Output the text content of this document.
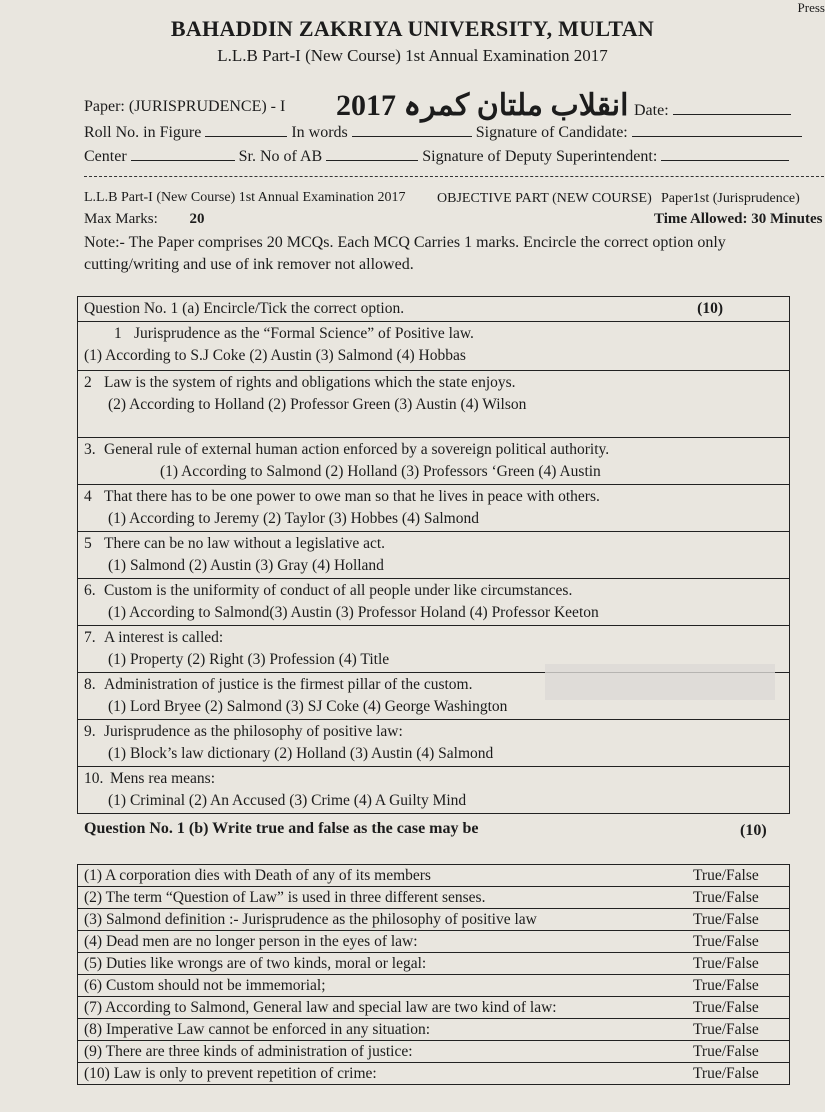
Press
BAHADDIN ZAKRIYA UNIVERSITY, MULTAN
L.L.B Part-I (New Course) 1st Annual Examination 2017
انقلاب ملتان کمرہ 2017
Paper: (JURISPRUDENCE) - I	Date:
Roll No. in Figure	In words	Signature of Candidate:
Center	Sr. No of AB	Signature of Deputy Superintendent:
L.L.B Part-I (New Course) 1st Annual Examination 2017 OBJECTIVE PART (NEW COURSE) Paper1st (Jurisprudence)
Max Marks: 20	Time Allowed: 30 Minutes
Note:- The Paper comprises 20 MCQs. Each MCQ Carries 1 marks. Encircle the correct option only cutting/writing and use of ink remover not allowed.
Question No. 1 (a) Encircle/Tick the correct option.	(10)

1 Jurisprudence as the “Formal Science” of Positive law.
(1) According to S.J Coke (2) Austin (3) Salmond (4) Hobbas

2 Law is the system of rights and obligations which the state enjoys.
(2) According to Holland (2) Professor Green (3) Austin (4) Wilson

3. General rule of external human action enforced by a sovereign political authority.
(1) According to Salmond (2) Holland (3) Professors ‘Green (4) Austin

4 That there has to be one power to owe man so that he lives in peace with others.
(1) According to Jeremy (2) Taylor (3) Hobbes (4) Salmond

5 There can be no law without a legislative act.
(1) Salmond (2) Austin (3) Gray (4) Holland

6. Custom is the uniformity of conduct of all people under like circumstances.
(1) According to Salmond(3) Austin (3) Professor Holand (4) Professor Keeton

7. A interest is called:
(1) Property (2) Right (3) Profession (4) Title

8. Administration of justice is the firmest pillar of the custom.
(1) Lord Bryee (2) Salmond (3) SJ Coke (4) George Washington

9. Jurisprudence as the philosophy of positive law:
(1) Block’s law dictionary (2) Holland (3) Austin (4) Salmond

10. Mens rea means:
(1) Criminal (2) An Accused (3) Crime (4) A Guilty Mind
Question No. 1 (b) Write true and false as the case may be	(10)
(1) A corporation dies with Death of any of its members	True/False
(2) The term “Question of Law” is used in three different senses.	True/False
(3) Salmond definition :- Jurisprudence as the philosophy of positive law	True/False
(4) Dead men are no longer person in the eyes of law:	True/False
(5) Duties like wrongs are of two kinds, moral or legal:	True/False
(6) Custom should not be immemorial;	True/False
(7) According to Salmond, General law and special law are two kind of law:	True/False
(8) Imperative Law cannot be enforced in any situation:	True/False
(9) There are three kinds of administration of justice:	True/False
(10) Law is only to prevent repetition of crime:	True/False
